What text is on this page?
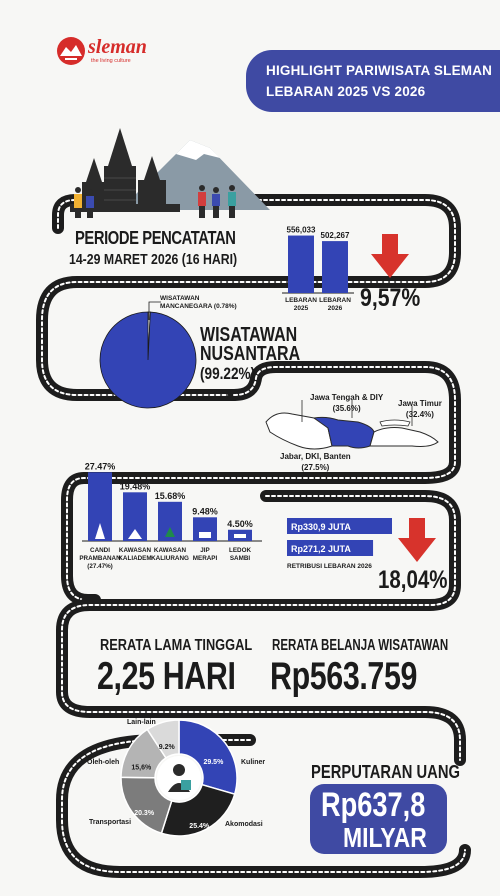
sleman
the living culture
HIGHLIGHT PARIWISATA SLEMAN
LEBARAN 2025 VS 2026
PERIODE PENCATATAN
14-29 MARET 2026 (16 HARI)
556,033
LEBARAN
2025
502,267
LEBARAN
2026 9,57%
WISATAWAN
MANCANEGARA (0.78%)
WISATAWAN
NUSANTARA
(99.22%)
Jawa Tengah & DIY
(35.6%)
Jawa Timur
(32.4%)
Jabar, DKI, Banten
(27.5%)
27.47%
CANDI
PRAMBANAN
(27.47%)
19.48%
KAWASAN
KALIADEM
15.68%
KAWASAN
KALIURANG
9.48%
JIP
MERAPI
4.50%
LEDOK
SAMBI
Rp330,9 JUTA
Rp271,2 JUTA
RETRIBUSI LEBARAN 2026 18,04%
RERATA LAMA TINGGAL
2,25 HARI
RERATA BELANJA WISATAWAN
Rp563.759
29.5%
25.4%
20.3%
15,6%
9.2%
Lain-lain
Oleh-oleh
Transportasi
Kuliner
Akomodasi
PERPUTARAN UANG
Rp637,8
MILYAR
